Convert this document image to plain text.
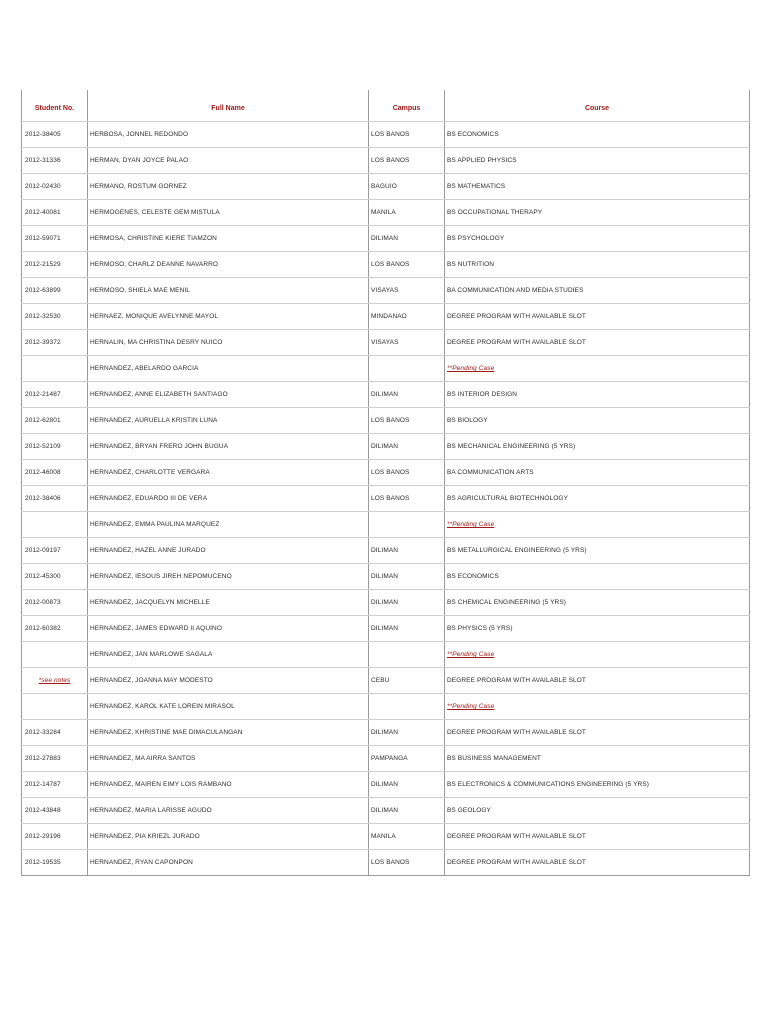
Student No.	Full Name	Campus	Course
2012-38405	HERBOSA, JONNEL REDONDO	LOS BANOS	BS ECONOMICS
2012-31336	HERMAN, DYAN JOYCE PALAO	LOS BANOS	BS APPLIED PHYSICS
2012-02430	HERMANO, ROSTUM GORNEZ	BAGUIO	BS MATHEMATICS
2012-40081	HERMOGENES, CELESTE GEM MISTULA	MANILA	BS OCCUPATIONAL THERAPY
2012-59071	HERMOSA, CHRISTINE KIERE TIAMZON	DILIMAN	BS PSYCHOLOGY
2012-21529	HERMOSO, CHARLZ DEANNE NAVARRO	LOS BANOS	BS NUTRITION
2012-63899	HERMOSO, SHIELA MAE MENIL	VISAYAS	BA COMMUNICATION AND MEDIA STUDIES
2012-32530	HERNAEZ, MONIQUE AVELYNNE MAYOL	MINDANAO	DEGREE PROGRAM WITH AVAILABLE SLOT
2012-39372	HERNALIN, MA CHRISTINA DESRY NUICO	VISAYAS	DEGREE PROGRAM WITH AVAILABLE SLOT
	HERNANDEZ, ABELARDO GARCIA		**Pending Case
2012-21487	HERNANDEZ, ANNE ELIZABETH SANTIAGO	DILIMAN	BS INTERIOR DESIGN
2012-62801	HERNANDEZ, AURUELLA KRISTIN LUNA	LOS BANOS	BS BIOLOGY
2012-52109	HERNANDEZ, BRYAN FRERO JOHN BUGUA	DILIMAN	BS MECHANICAL ENGINEERING (5 YRS)
2012-46008	HERNANDEZ, CHARLOTTE VERGARA	LOS BANOS	BA COMMUNICATION ARTS
2012-38406	HERNANDEZ, EDUARDO III DE VERA	LOS BANOS	BS AGRICULTURAL BIOTECHNOLOGY
	HERNANDEZ, EMMA PAULINA MARQUEZ		**Pending Case
2012-09197	HERNANDEZ, HAZEL ANNE JURADO	DILIMAN	BS METALLURGICAL ENGINEERING (5 YRS)
2012-45300	HERNANDEZ, IESOUS JIREH NEPOMUCENO	DILIMAN	BS ECONOMICS
2012-00873	HERNANDEZ, JACQUELYN MICHELLE	DILIMAN	BS CHEMICAL ENGINEERING (5 YRS)
2012-60382	HERNANDEZ, JAMES EDWARD II AQUINO	DILIMAN	BS PHYSICS (5 YRS)
	HERNANDEZ, JAN MARLOWE SAGALA		**Pending Case
*see notes	HERNANDEZ, JOANNA MAY MODESTO	CEBU	DEGREE PROGRAM WITH AVAILABLE SLOT
	HERNANDEZ, KAROL KATE LOREIN MIRASOL		**Pending Case
2012-33284	HERNANDEZ, KHRISTINE MAE DIMACULANGAN	DILIMAN	DEGREE PROGRAM WITH AVAILABLE SLOT
2012-27883	HERNANDEZ, MA AIRRA SANTOS	PAMPANGA	BS BUSINESS MANAGEMENT
2012-14787	HERNANDEZ, MAIREN EIMY LOIS RAMBANO	DILIMAN	BS ELECTRONICS & COMMUNICATIONS ENGINEERING (5 YRS)
2012-43848	HERNANDEZ, MARIA LARISSE AGUDO	DILIMAN	BS GEOLOGY
2012-29196	HERNANDEZ, PIA KRIEZL JURADO	MANILA	DEGREE PROGRAM WITH AVAILABLE SLOT
2012-19535	HERNANDEZ, RYAN CAPONPON	LOS BANOS	DEGREE PROGRAM WITH AVAILABLE SLOT
